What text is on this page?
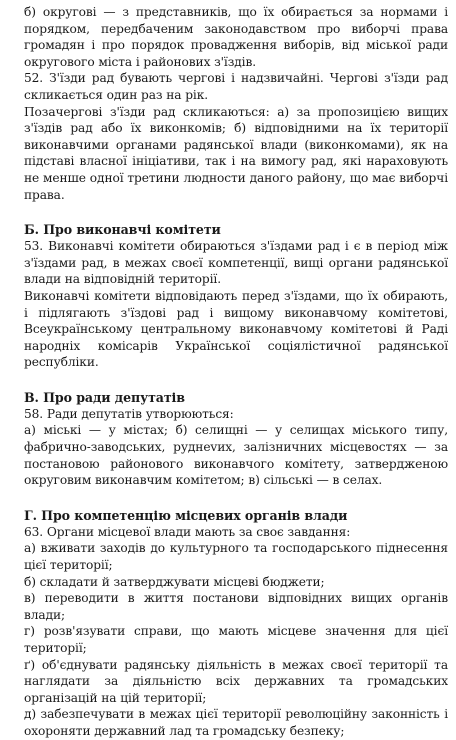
б) округові — з представників, що їх обирається за нормами і порядком, передбаченим законодавством про виборчі права громадян і про порядок провадження виборів, від міської ради округового міста і районових з'їздів.

52. З'їзди рад бувають чергові і надзвичайні. Чергові з'їзди рад скликається один раз на рік.

Позачергові з'їзди рад скликаються: а) за пропозицією вищих з'їздів рад або їх виконкомів; б) відповідними на їх території виконавчими органами радянської влади (виконкомами), як на підставі власної ініціативи, так і на вимогу рад, які нараховують не менше одної третини людности даного району, що має виборчі права.

Б. Про виконавчі комітети

53. Виконавчі комітети обираються з'їздами рад і є в період між з'їздами рад, в межах своєї компетенції, вищі органи радянської влади на відповідній території.

Виконавчі комітети відповідають перед з'їздами, що їх обирають, і підлягають з'їздові рад і вищому виконавчому комітетові, Всеукраїнському центральному виконавчому комітетові й Раді народніх комісарів Української соціялістичної радянської республіки.

В. Про ради депутатів

58. Ради депутатів утворюються:

а) міські — у містах; б) селищні — у селищах міського типу, фабрично-заводських, руднevих, залізничних місцевостях — за постановою районового виконавчого комітету, затвердженою округовим виконавчим комітетом; в) сільські — в селах.

Г. Про компетенцію місцевих органів влади

63. Органи місцевої влади мають за своє завдання:

а) вживати заходів до культурного та господарського піднесення цієї території;

б) складати й затверджувати місцеві бюджети;

в) переводити в життя постанови відповідних вищих органів влади;

г) розв'язувати справи, що мають місцеве значення для цієї території;

ґ) об'єднувати радянську діяльність в межах своєї території та наглядати за діяльністю всіх державних та громадських організацій на цій території;

д) забезпечувати в межах цієї території революційну законність і охороняти державний лад та громадську безпеку;
